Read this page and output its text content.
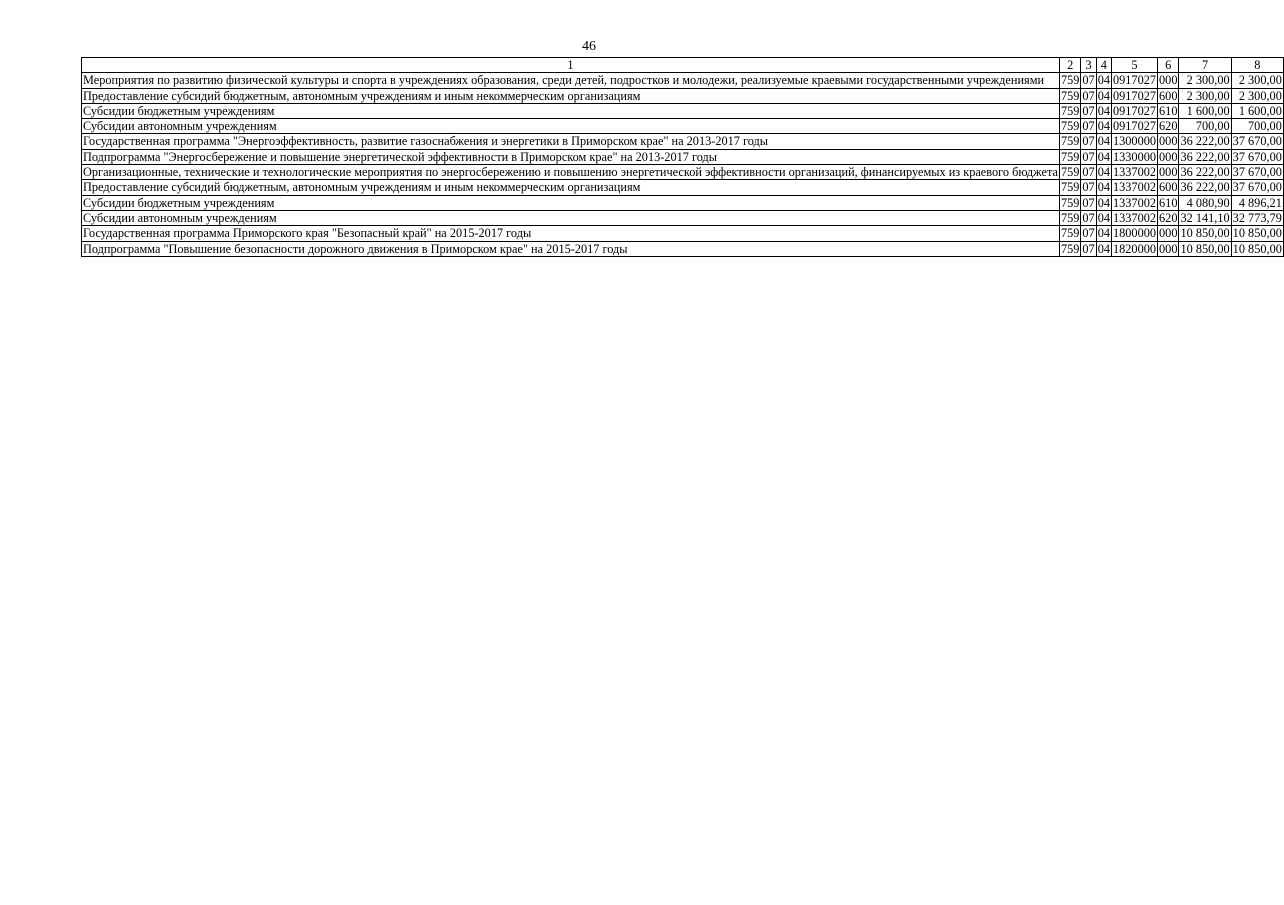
46
1	2	3	4	5	6	7	8
Мероприятия по развитию физической культуры и спорта в учреждениях образования, среди детей, подростков и молодежи, реализуемые краевыми государственными учреждениями	759	07	04	0917027	000	2 300,00	2 300,00
Предоставление субсидий бюджетным, автономным учреждениям и иным некоммерческим организациям	759	07	04	0917027	600	2 300,00	2 300,00
Субсидии бюджетным учреждениям	759	07	04	0917027	610	1 600,00	1 600,00
Субсидии автономным учреждениям	759	07	04	0917027	620	700,00	700,00
Государственная программа "Энергоэффективность, развитие газоснабжения и энергетики в Приморском крае" на 2013-2017 годы	759	07	04	1300000	000	36 222,00	37 670,00
Подпрограмма "Энергосбережение и повышение энергетической эффективности в Приморском крае" на 2013-2017 годы	759	07	04	1330000	000	36 222,00	37 670,00
Организационные, технические и технологические мероприятия по энергосбережению и повышению энергетической эффективности организаций, финансируемых из краевого бюджета	759	07	04	1337002	000	36 222,00	37 670,00
Предоставление субсидий бюджетным, автономным учреждениям и иным некоммерческим организациям	759	07	04	1337002	600	36 222,00	37 670,00
Субсидии бюджетным учреждениям	759	07	04	1337002	610	4 080,90	4 896,21
Субсидии автономным учреждениям	759	07	04	1337002	620	32 141,10	32 773,79
Государственная программа Приморского края "Безопасный край" на 2015-2017 годы	759	07	04	1800000	000	10 850,00	10 850,00
Подпрограмма "Повышение безопасности дорожного движения в Приморском крае" на 2015-2017 годы	759	07	04	1820000	000	10 850,00	10 850,00
